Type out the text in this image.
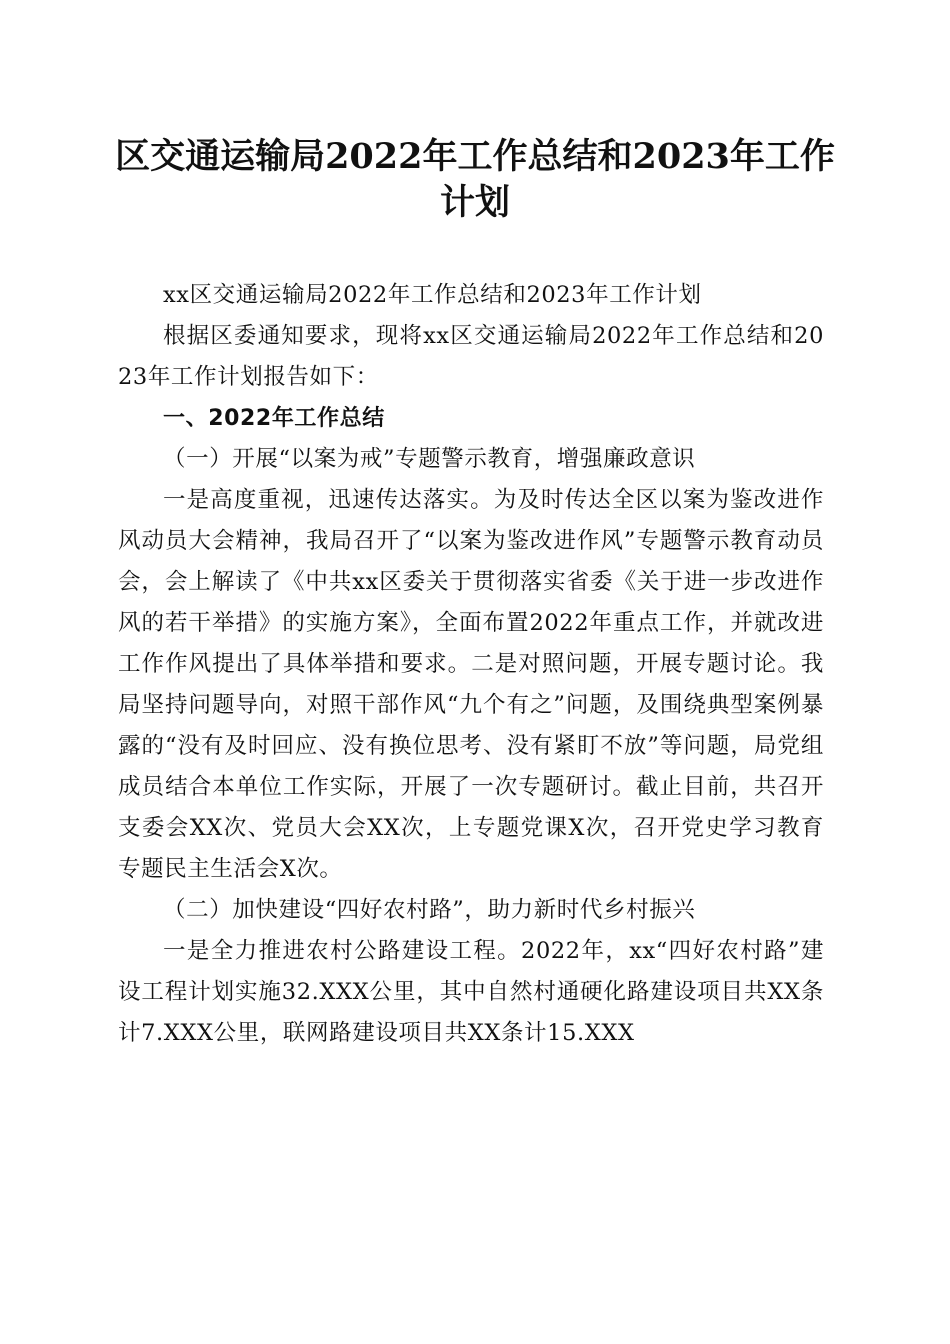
区交通运输局2022年工作总结和2023年工作计划

xx区交通运输局2022年工作总结和2023年工作计划

根据区委通知要求，现将xx区交通运输局2022年工作总结和2023年工作计划报告如下：

一、2022年工作总结

（一）开展“以案为戒”专题警示教育，增强廉政意识

一是高度重视，迅速传达落实。为及时传达全区以案为鉴改进作风动员大会精神，我局召开了“以案为鉴改进作风”专题警示教育动员会，会上解读了《中共xx区委关于贯彻落实省委《关于进一步改进作风的若干举措》的实施方案》，全面布置2022年重点工作，并就改进工作作风提出了具体举措和要求。二是对照问题，开展专题讨论。我局坚持问题导向，对照干部作风“九个有之”问题，及围绕典型案例暴露的“没有及时回应、没有换位思考、没有紧盯不放”等问题，局党组成员结合本单位工作实际，开展了一次专题研讨。截止目前，共召开支委会XX次、党员大会XX次，上专题党课X次，召开党史学习教育专题民主生活会X次。

（二）加快建设“四好农村路”，助力新时代乡村振兴

一是全力推进农村公路建设工程。2022年，xx“四好农村路”建设工程计划实施32.XXX公里，其中自然村通硬化路建设项目共XX条计7.XXX公里，联网路建设项目共XX条计15.XXX
